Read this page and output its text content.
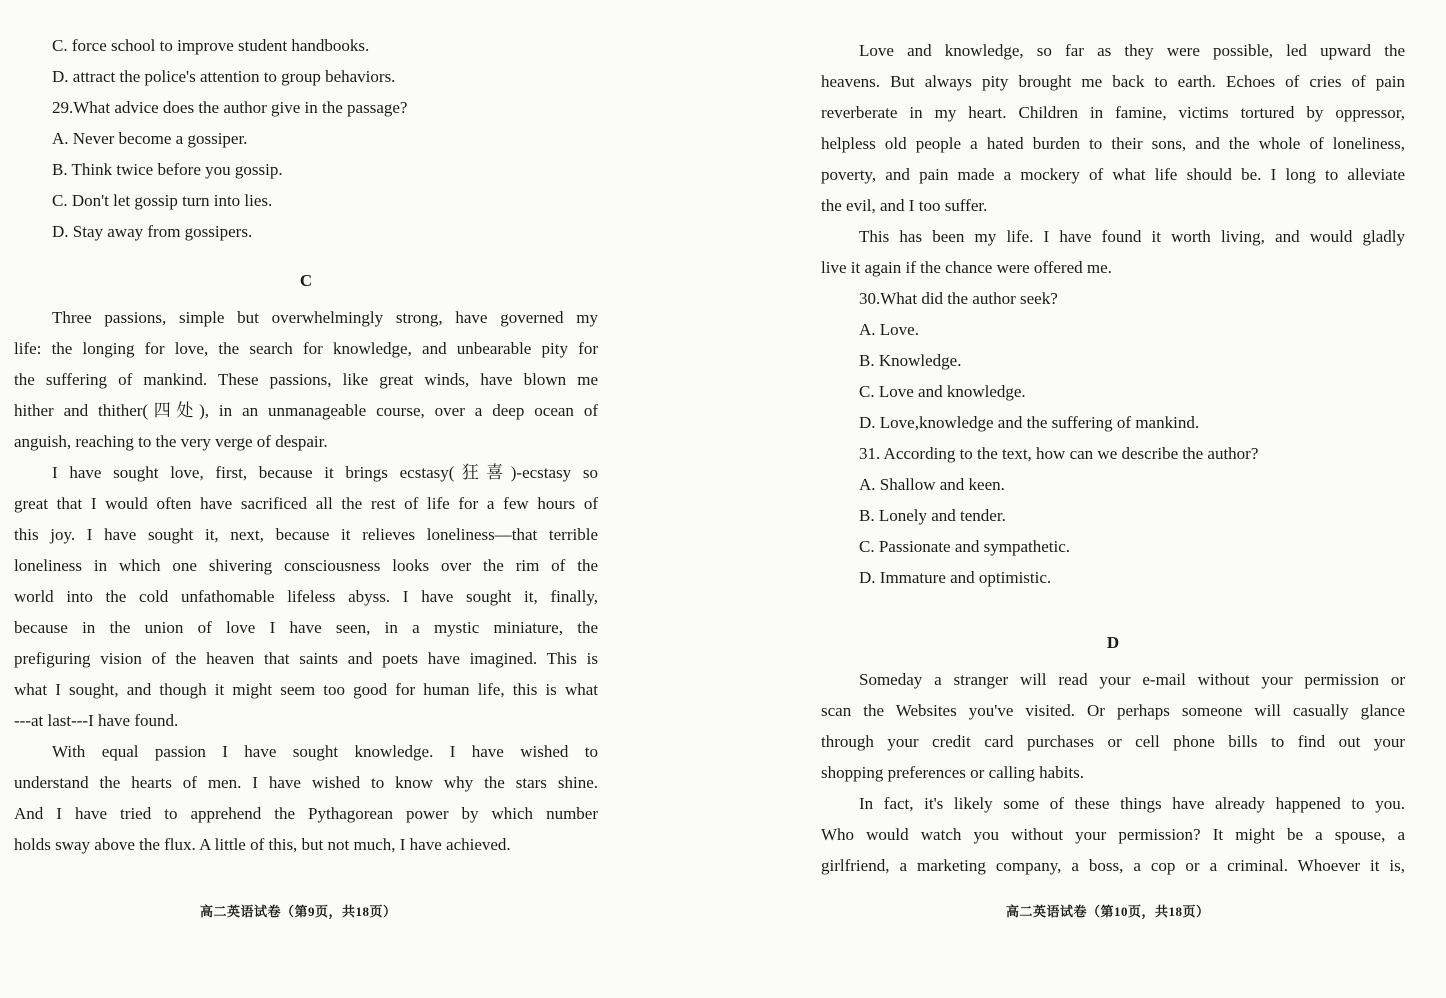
C. force school to improve student handbooks.
D. attract the police's attention to group behaviors.
29.What advice does the author give in the passage?
A. Never become a gossiper.
B. Think twice before you gossip.
C. Don't let gossip turn into lies.
D. Stay away from gossipers.
C
Three passions, simple but overwhelmingly strong, have governed my
life: the longing for love, the search for knowledge, and unbearable pity for
the suffering of mankind. These passions, like great winds, have blown me
hither and thither(四处), in an unmanageable course, over a deep ocean of
anguish, reaching to the very verge of despair.
I have sought love, first, because it brings ecstasy(狂喜)-ecstasy so
great that I would often have sacrificed all the rest of life for a few hours of
this joy. I have sought it, next, because it relieves loneliness—that terrible
loneliness in which one shivering consciousness looks over the rim of the
world into the cold unfathomable lifeless abyss. I have sought it, finally,
because in the union of love I have seen, in a mystic miniature, the
prefiguring vision of the heaven that saints and poets have imagined. This is
what I sought, and though it might seem too good for human life, this is what
---at last---I have found.
With equal passion I have sought knowledge. I have wished to
understand the hearts of men. I have wished to know why the stars shine.
And I have tried to apprehend the Pythagorean power by which number
holds sway above the flux. A little of this, but not much, I have achieved.
高二英语试卷（第9页，共18页）
Love and knowledge, so far as they were possible, led upward the
heavens. But always pity brought me back to earth. Echoes of cries of pain
reverberate in my heart. Children in famine, victims tortured by oppressor,
helpless old people a hated burden to their sons, and the whole of loneliness,
poverty, and pain made a mockery of what life should be. I long to alleviate
the evil, and I too suffer.
This has been my life. I have found it worth living, and would gladly
live it again if the chance were offered me.
30.What did the author seek?
A. Love.
B. Knowledge.
C. Love and knowledge.
D. Love,knowledge and the suffering of mankind.
31. According to the text, how can we describe the author?
A. Shallow and keen.
B. Lonely and tender.
C. Passionate and sympathetic.
D. Immature and optimistic.
D
Someday a stranger will read your e-mail without your permission or
scan the Websites you've visited. Or perhaps someone will casually glance
through your credit card purchases or cell phone bills to find out your
shopping preferences or calling habits.
In fact, it's likely some of these things have already happened to you.
Who would watch you without your permission? It might be a spouse, a
girlfriend, a marketing company, a boss, a cop or a criminal. Whoever it is,
高二英语试卷（第10页，共18页）
